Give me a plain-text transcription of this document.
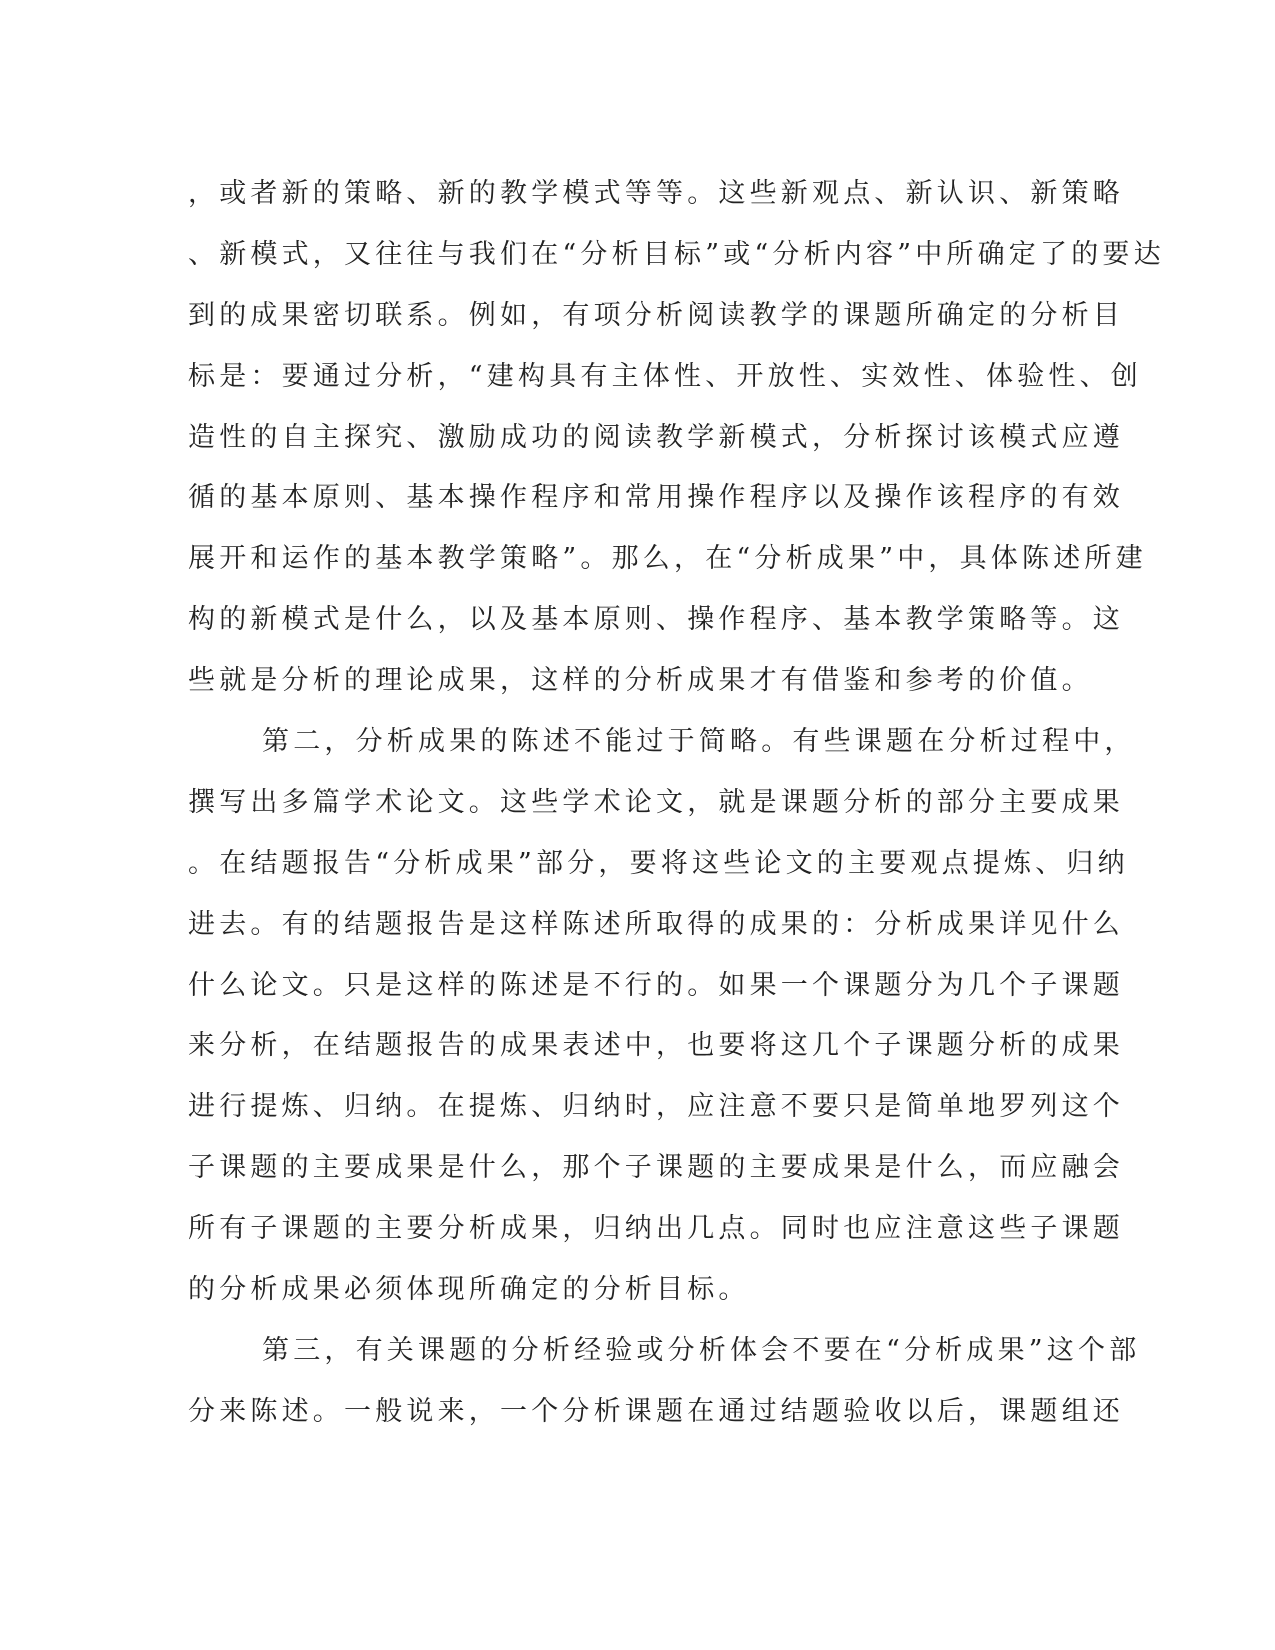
，或者新的策略、新的教学模式等等。这些新观点、新认识、新策略
、新模式，又往往与我们在“分析目标”或“分析内容”中所确定了的要达
到的成果密切联系。例如，有项分析阅读教学的课题所确定的分析目
标是：要通过分析，“建构具有主体性、开放性、实效性、体验性、创
造性的自主探究、激励成功的阅读教学新模式，分析探讨该模式应遵
循的基本原则、基本操作程序和常用操作程序以及操作该程序的有效
展开和运作的基本教学策略”。那么，在“分析成果”中，具体陈述所建
构的新模式是什么，以及基本原则、操作程序、基本教学策略等。这
些就是分析的理论成果，这样的分析成果才有借鉴和参考的价值。
第二，分析成果的陈述不能过于简略。有些课题在分析过程中，
撰写出多篇学术论文。这些学术论文，就是课题分析的部分主要成果
。在结题报告“分析成果”部分，要将这些论文的主要观点提炼、归纳
进去。有的结题报告是这样陈述所取得的成果的：分析成果详见什么
什么论文。只是这样的陈述是不行的。如果一个课题分为几个子课题
来分析，在结题报告的成果表述中，也要将这几个子课题分析的成果
进行提炼、归纳。在提炼、归纳时，应注意不要只是简单地罗列这个
子课题的主要成果是什么，那个子课题的主要成果是什么，而应融会
所有子课题的主要分析成果，归纳出几点。同时也应注意这些子课题
的分析成果必须体现所确定的分析目标。
第三，有关课题的分析经验或分析体会不要在“分析成果”这个部
分来陈述。一般说来，一个分析课题在通过结题验收以后，课题组还
